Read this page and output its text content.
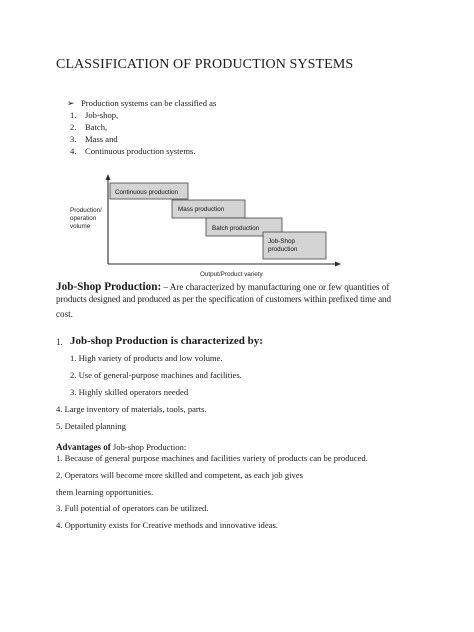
CLASSIFICATION OF PRODUCTION SYSTEMS
➢ Production systems can be classified as
1. Job-shop,
2. Batch,
3. Mass and
4. Continuous production systems.
Production/
operation
volume
Continuous production
Mass production
Batch production
Job-Shop
production
Output/Product variety
Job-Shop Production: – Are characterized by manufacturing one or few quantities of
products designed and produced as per the specification of customers within prefixed time and
cost.
1. Job-shop Production is characterized by:
1. High variety of products and low volume.
2. Use of general-purpose machines and facilities.
3. Highly skilled operators needed
4. Large inventory of materials, tools, parts.
5. Detailed planning
Advantages of Job-shop Production:
1. Because of general purpose machines and facilities variety of products can be produced.
2. Operators will become more skilled and competent, as each job gives
them learning opportunities.
3. Full potential of operators can be utilized.
4. Opportunity exists for Creative methods and innovative ideas.
